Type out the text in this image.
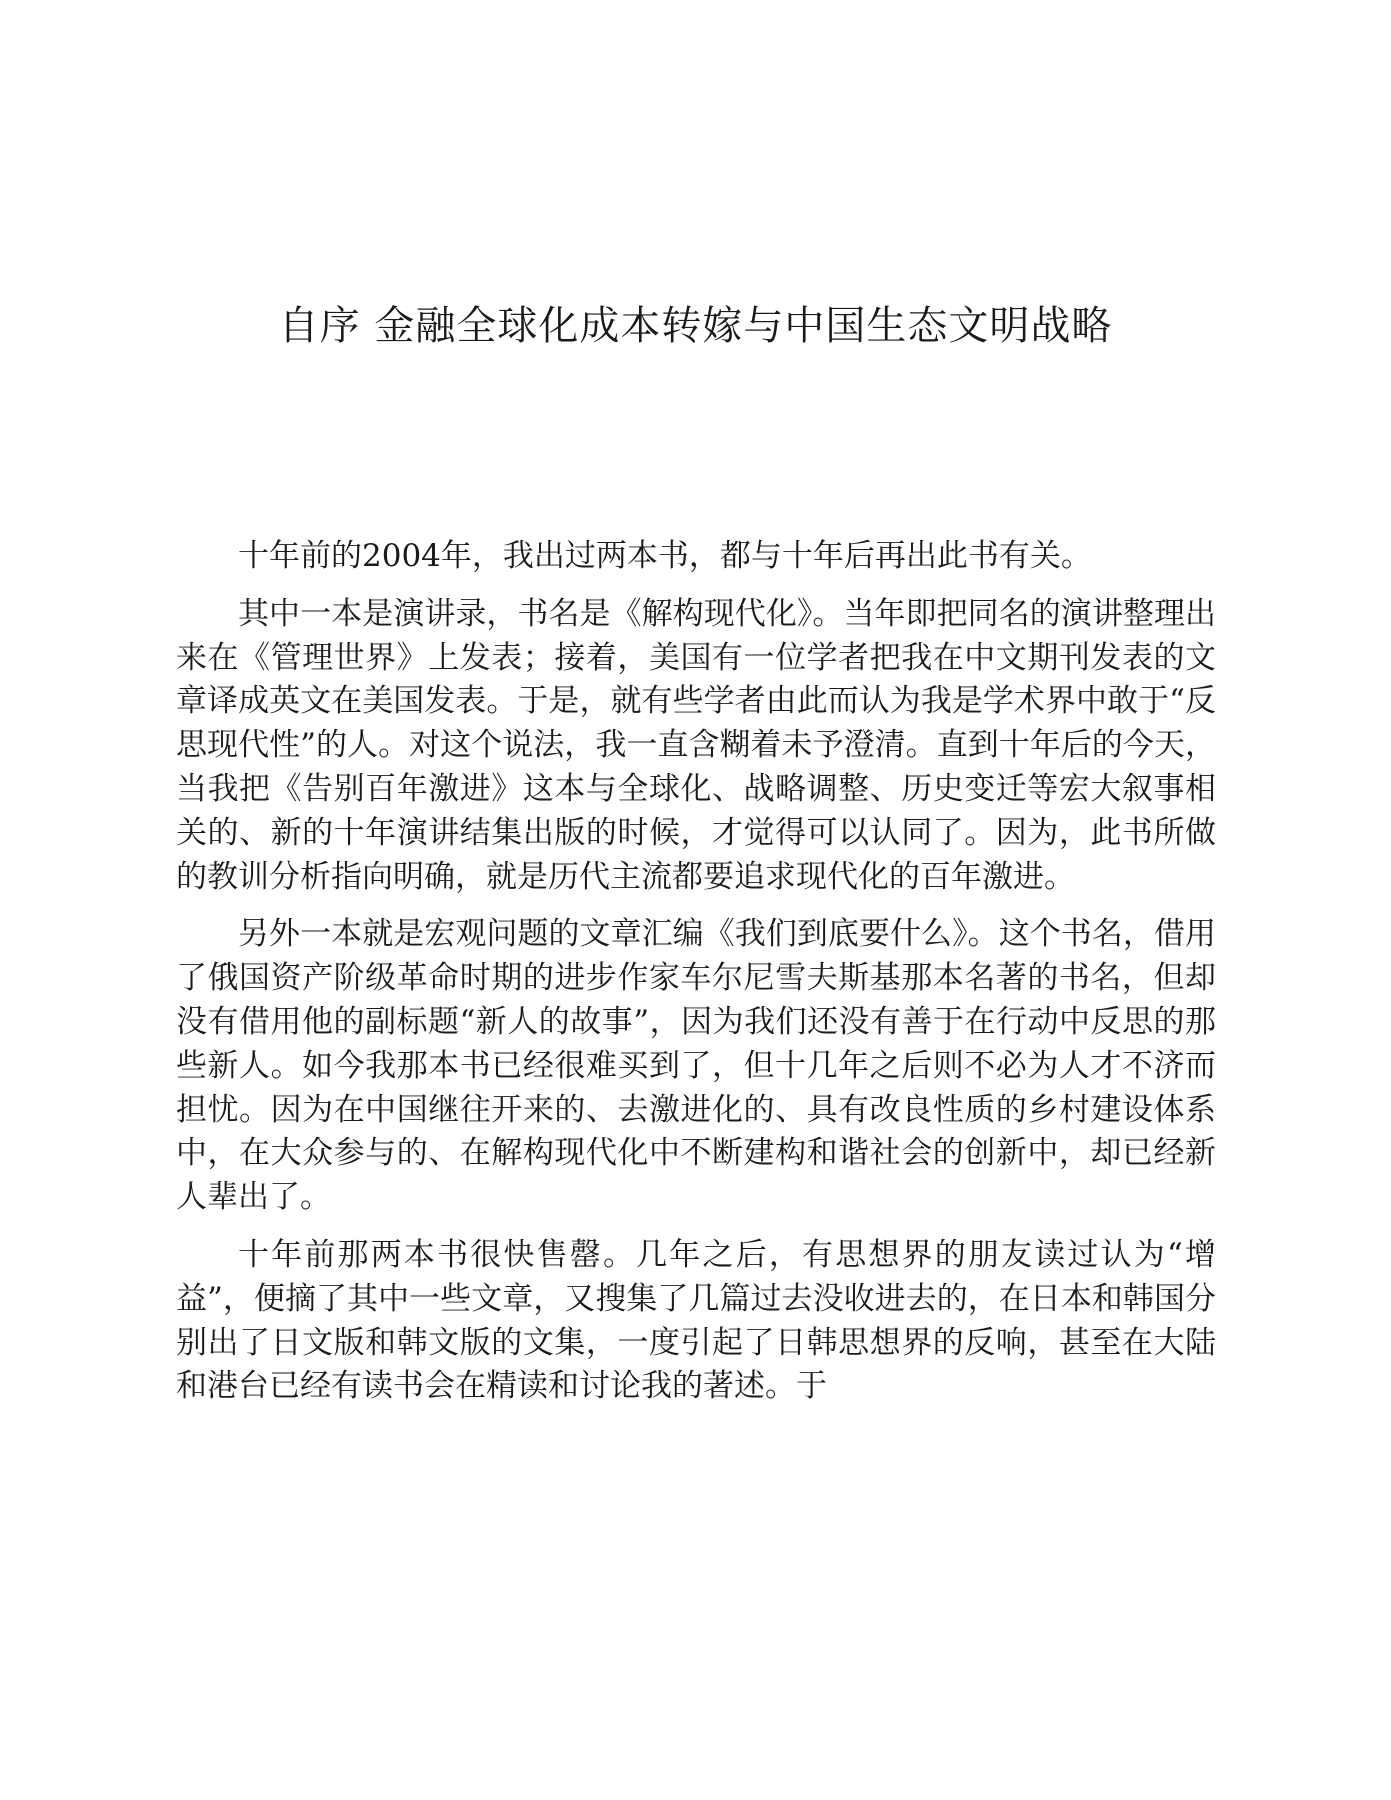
自序 金融全球化成本转嫁与中国生态文明战略

十年前的2004年，我出过两本书，都与十年后再出此书有关。

其中一本是演讲录，书名是《解构现代化》。当年即把同名的演讲整理出来在《管理世界》上发表；接着，美国有一位学者把我在中文期刊发表的文章译成英文在美国发表。于是，就有些学者由此而认为我是学术界中敢于“反思现代性”的人。对这个说法，我一直含糊着未予澄清。直到十年后的今天，当我把《告别百年激进》这本与全球化、战略调整、历史变迁等宏大叙事相关的、新的十年演讲结集出版的时候，才觉得可以认同了。因为，此书所做的教训分析指向明确，就是历代主流都要追求现代化的百年激进。

另外一本就是宏观问题的文章汇编《我们到底要什么》。这个书名，借用了俄国资产阶级革命时期的进步作家车尔尼雪夫斯基那本名著的书名，但却没有借用他的副标题“新人的故事”，因为我们还没有善于在行动中反思的那些新人。如今我那本书已经很难买到了，但十几年之后则不必为人才不济而担忧。因为在中国继往开来的、去激进化的、具有改良性质的乡村建设体系中，在大众参与的、在解构现代化中不断建构和谐社会的创新中，却已经新人辈出了。

十年前那两本书很快售罄。几年之后，有思想界的朋友读过认为“增益”，便摘了其中一些文章，又搜集了几篇过去没收进去的，在日本和韩国分别出了日文版和韩文版的文集，一度引起了日韩思想界的反响，甚至在大陆和港台已经有读书会在精读和讨论我的著述。于
